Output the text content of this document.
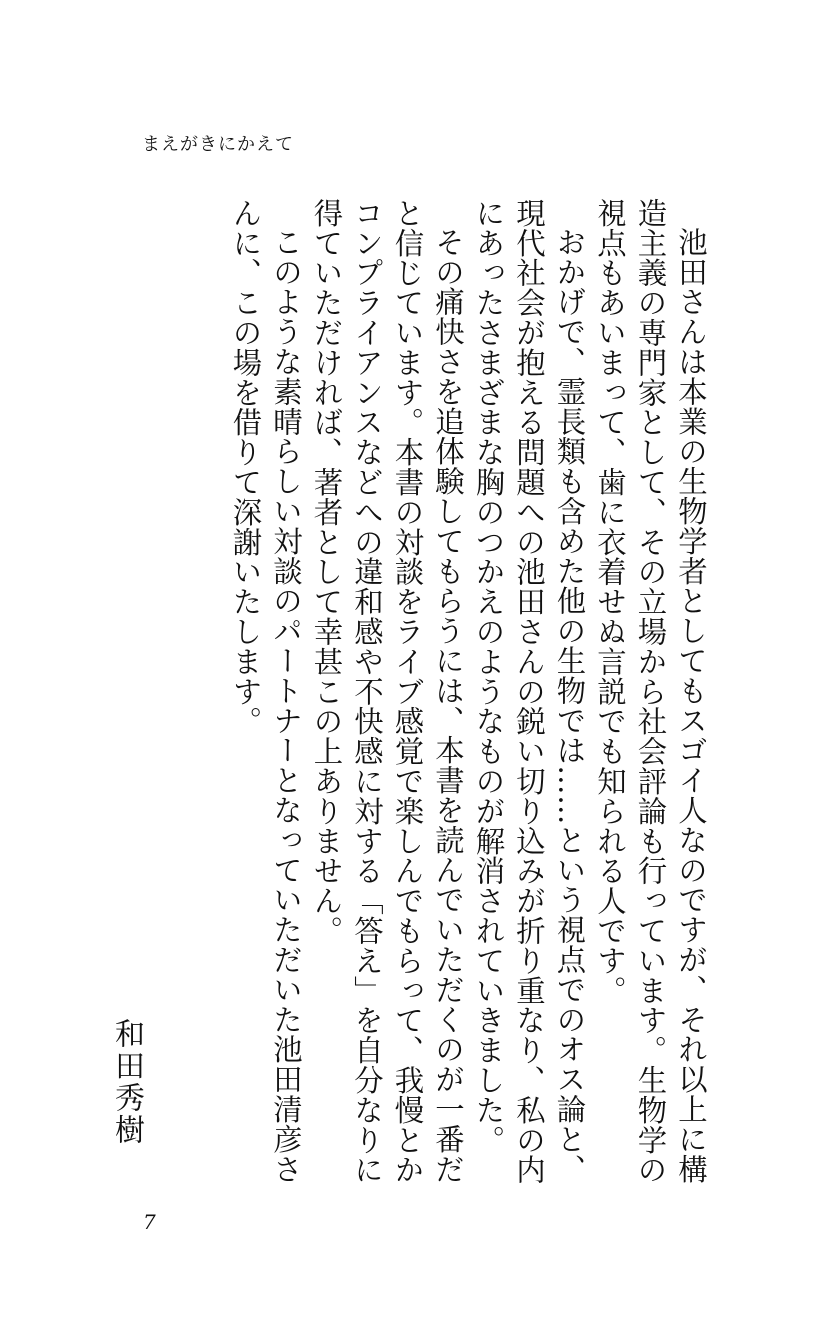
まえがきにかえて

池田さんは本業の生物学者としてもスゴイ人なのですが、それ以上に構造主義の専門家として、その立場から社会評論も行っています。生物学の視点もあいまって、歯に衣着せぬ言説でも知られる人です。

おかげで、霊長類も含めた他の生物では……という視点でのオス論と、現代社会が抱える問題への池田さんの鋭い切り込みが折り重なり、私の内にあったさまざまな胸のつかえのようなものが解消されていきました。

その痛快さを追体験してもらうには、本書を読んでいただくのが一番だと信じています。本書の対談をライブ感覚で楽しんでもらって、我慢とかコンプライアンスなどへの違和感や不快感に対する「答え」を自分なりに得ていただければ、著者として幸甚この上ありません。

このような素晴らしい対談のパートナーとなっていただいた池田清彦さんに、この場を借りて深謝いたします。

和田秀樹
7
